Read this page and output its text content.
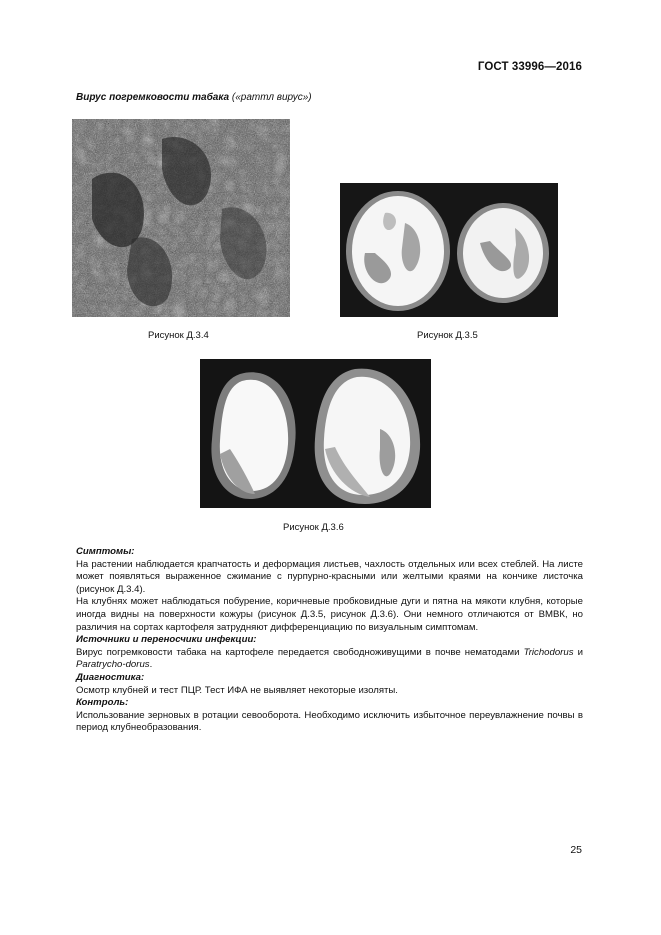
ГОСТ 33996—2016
Вирус погремковости табака («раттл вирус»)
Рисунок Д.3.4	Рисунок Д.3.5
Рисунок Д.3.6

Симптомы:

На растении наблюдается крапчатость и деформация листьев, чахлость отдельных или всех стеблей. На листе может появляться выраженное сжимание с пурпурно-красными или желтыми краями на кончике листочка (рисунок Д.3.4).

На клубнях может наблюдаться побурение, коричневые пробковидные дуги и пятна на мякоти клубня, которые иногда видны на поверхности кожуры (рисунок Д.3.5, рисунок Д.3.6). Они немного отличаются от ВМВК, но различия на сортах картофеля затрудняют дифференциацию по визуальным симптомам.

Источники и переносчики инфекции:

Вирус погремковости табака на картофеле передается свободноживущими в почве нематодами Trichodorus и Paratrycho-dorus.

Диагностика:

Осмотр клубней и тест ПЦР. Тест ИФА не выявляет некоторые изоляты.

Контроль:

Использование зерновых в ротации севооборота. Необходимо исключить избыточное переувлажнение почвы в период клубнеобразования.

25
